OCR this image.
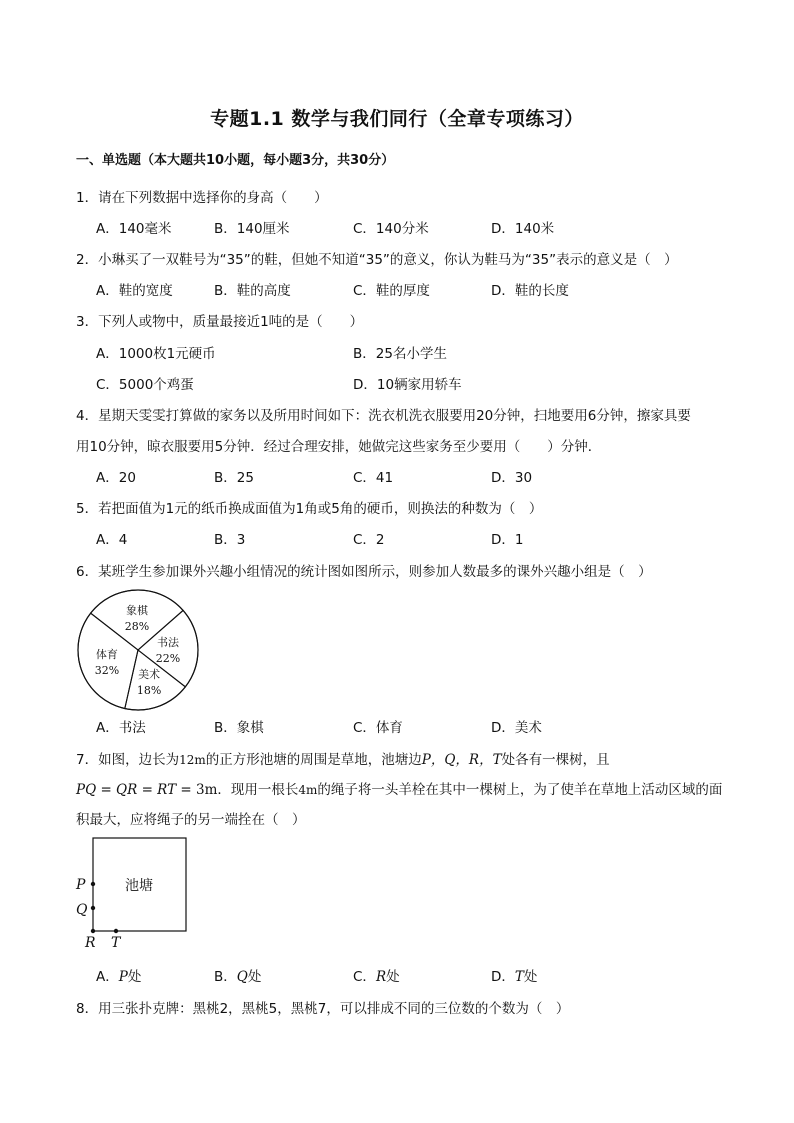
专题1.1 数学与我们同行（全章专项练习）
一、单选题（本大题共10小题，每小题3分，共30分）
1．请在下列数据中选择你的身高（　　）
A．140毫米	B．140厘米	C．140分米	D．140米
2．小琳买了一双鞋号为“35”的鞋，但她不知道“35”的意义，你认为鞋马为“35”表示的意义是（　）
A．鞋的宽度	B．鞋的高度	C．鞋的厚度	D．鞋的长度
3．下列人或物中，质量最接近1吨的是（　　）
A．1000枚1元硬币	B．25名小学生
C．5000个鸡蛋	D．10辆家用轿车
4．星期天雯雯打算做的家务以及所用时间如下：洗衣机洗衣服要用20分钟，扫地要用6分钟，擦家具要
用10分钟，晾衣服要用5分钟．经过合理安排，她做完这些家务至少要用（　　）分钟．
A．20	B．25	C．41	D．30
5．若把面值为1元的纸币换成面值为1角或5角的硬币，则换法的种数为（　）
A．4	B．3	C．2	D．1
6．某班学生参加课外兴趣小组情况的统计图如图所示，则参加人数最多的课外兴趣小组是（　）
象棋
28%
书法
22%
美术
18%
体育
32%
A．书法	B．象棋	C．体育	D．美术
7．如图，边长为12m的正方形池塘的周围是草地，池塘边P，Q，R，T处各有一棵树，且
PQ = QR = RT = 3m．现用一根长4m的绳子将一头羊栓在其中一棵树上，为了使羊在草地上活动区域的面
积最大，应将绳子的另一端拴在（　）
池塘
P
Q
R T
A．P处	B．Q处	C．R处	D．T处
8．用三张扑克牌：黑桃2，黑桃5，黑桃7，可以排成不同的三位数的个数为（　）
